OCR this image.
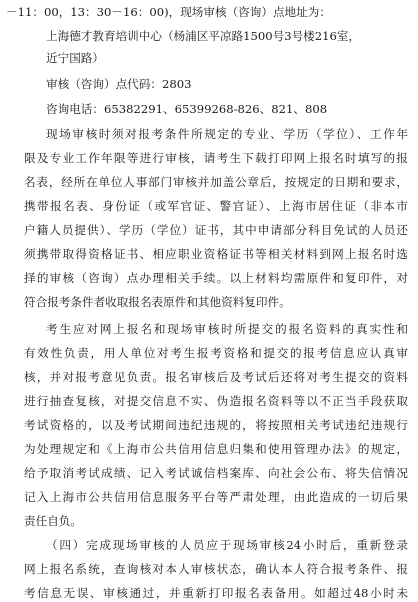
－11：00，13：30－16：00)，现场审核（咨询）点地址为：
上海德才教育培训中心（杨浦区平凉路1500号3号楼216室，
近宁国路）
审核（咨询）点代码：2803
咨询电话：65382291、65399268-826、821、808
现场审核时须对报考条件所规定的专业、学历（学位）、工作年
限及专业工作年限等进行审核，请考生下载打印网上报名时填写的报
名表，经所在单位人事部门审核并加盖公章后，按规定的日期和要求，
携带报名表、身份证（或军官证、警官证）、上海市居住证（非本市
户籍人员提供）、学历（学位）证书，其中申请部分科目免试的人员还
须携带取得资格证书、相应职业资格证书等相关材料到网上报名时选
择的审核（咨询）点办理相关手续。以上材料均需原件和复印件，对
符合报考条件者收取报名表原件和其他资料复印件。
考生应对网上报名和现场审核时所提交的报名资料的真实性和
有效性负责，用人单位对考生报考资格和提交的报考信息应认真审
核，并对报考意见负责。报名审核后及考试后还将对考生提交的资料
进行抽查复核，对提交信息不实、伪造报名资料等以不正当手段获取
考试资格的，以及考试期间违纪违规的，将按照相关考试违纪违规行
为处理规定和《上海市公共信用信息归集和使用管理办法》的规定，
给予取消考试成绩、记入考试诚信档案库、向社会公布、将失信情况
记入上海市公共信用信息服务平台等严肃处理，由此造成的一切后果
责任自负。
（四）完成现场审核的人员应于现场审核24小时后，重新登录
网上报名系统，查询核对本人审核状态，确认本人符合报考条件、报
考信息无误、审核通过，并重新打印报名表备用。如超过48小时未
